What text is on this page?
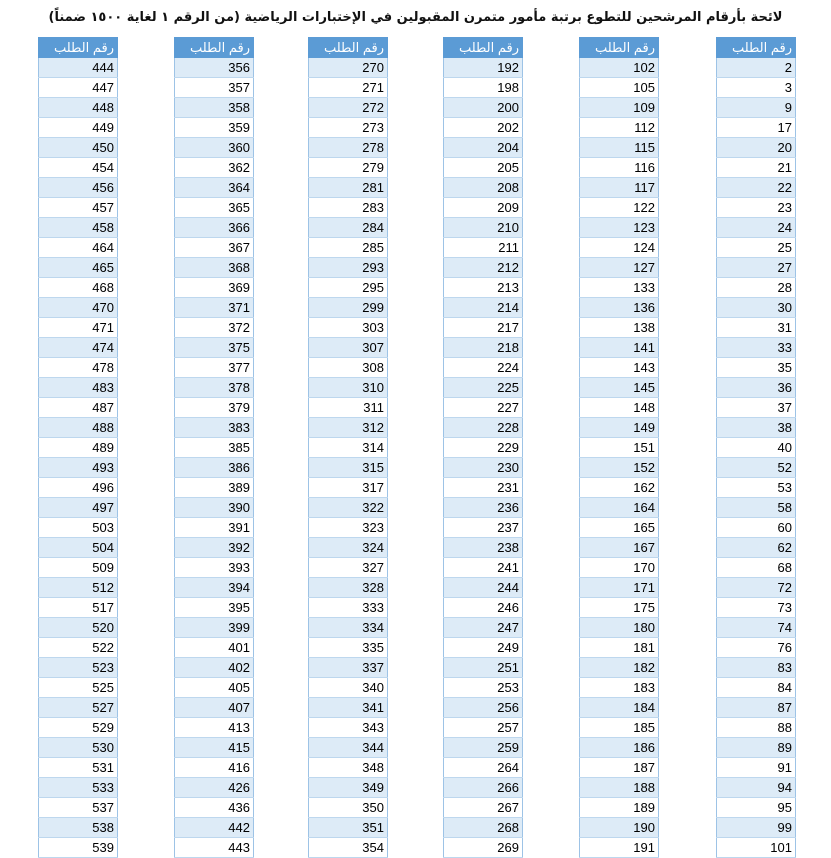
لائحة بأرقام المرشحين للتطوع برتبة مأمور متمرن المقبولين في الإختبارات الرياضية (من الرقم ١ لغاية ١٥٠٠ ضمناً)
رقم الطلب
2
3
9
17
20
21
22
23
24
25
27
28
30
31
33
35
36
37
38
40
52
53
58
60
62
68
72
73
74
76
83
84
87
88
89
91
94
95
99
101
رقم الطلب
102
105
109
112
115
116
117
122
123
124
127
133
136
138
141
143
145
148
149
151
152
162
164
165
167
170
171
175
180
181
182
183
184
185
186
187
188
189
190
191
رقم الطلب
192
198
200
202
204
205
208
209
210
211
212
213
214
217
218
224
225
227
228
229
230
231
236
237
238
241
244
246
247
249
251
253
256
257
259
264
266
267
268
269
رقم الطلب
270
271
272
273
278
279
281
283
284
285
293
295
299
303
307
308
310
311
312
314
315
317
322
323
324
327
328
333
334
335
337
340
341
343
344
348
349
350
351
354
رقم الطلب
356
357
358
359
360
362
364
365
366
367
368
369
371
372
375
377
378
379
383
385
386
389
390
391
392
393
394
395
399
401
402
405
407
413
415
416
426
436
442
443
رقم الطلب
444
447
448
449
450
454
456
457
458
464
465
468
470
471
474
478
483
487
488
489
493
496
497
503
504
509
512
517
520
522
523
525
527
529
530
531
533
537
538
539
